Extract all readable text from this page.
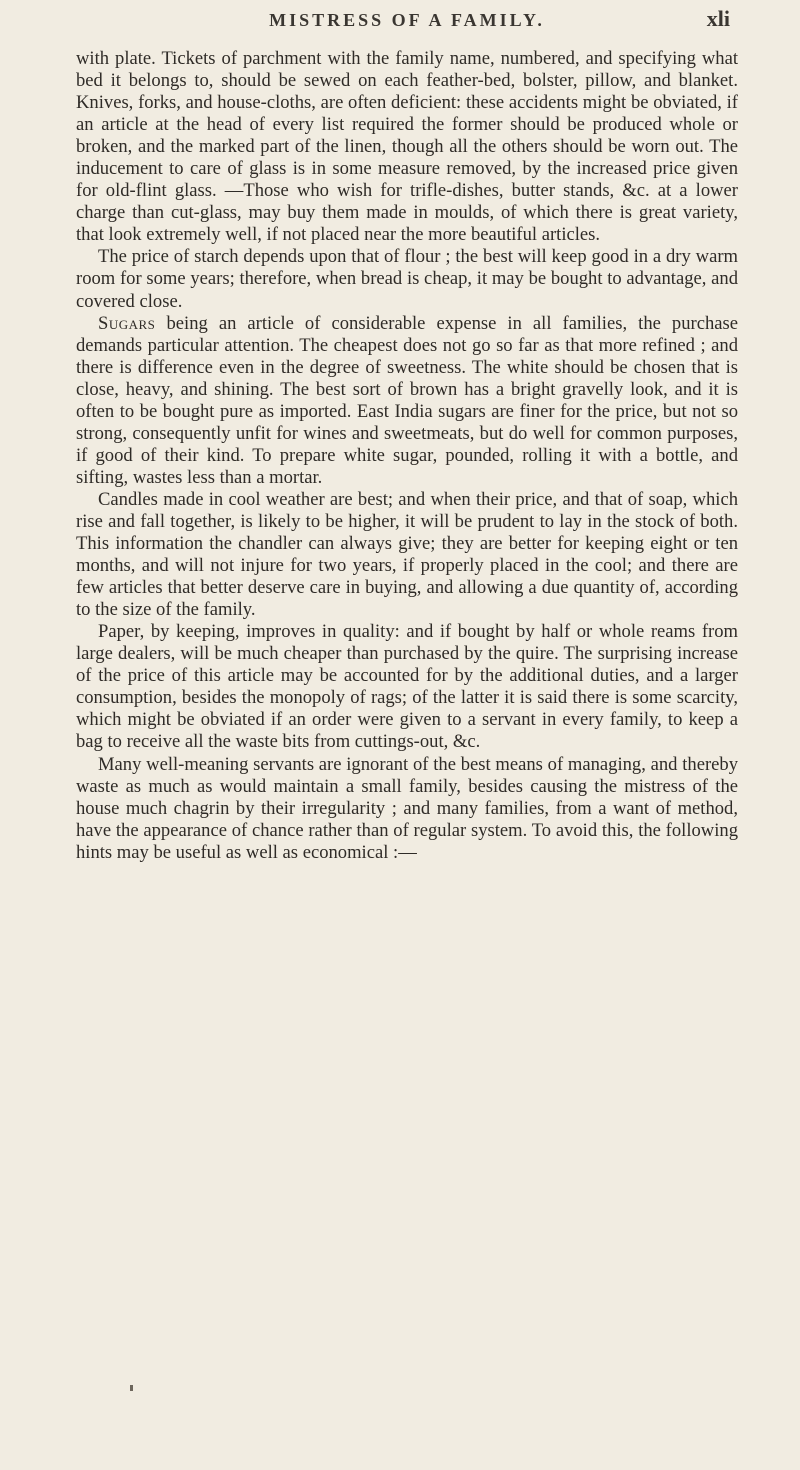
MISTRESS OF A FAMILY.	xli

with plate. Tickets of parchment with the family name, numbered, and specifying what bed it belongs to, should be sewed on each feather-bed, bolster, pillow, and blanket. Knives, forks, and house-cloths, are often deficient: these accidents might be obviated, if an article at the head of every list required the former should be produced whole or broken, and the marked part of the linen, though all the others should be worn out. The inducement to care of glass is in some measure removed, by the increased price given for old-flint glass. —Those who wish for trifle-dishes, butter stands, &c. at a lower charge than cut-glass, may buy them made in moulds, of which there is great variety, that look extremely well, if not placed near the more beautiful articles.

The price of starch depends upon that of flour ; the best will keep good in a dry warm room for some years; therefore, when bread is cheap, it may be bought to advantage, and covered close.

Sugars being an article of considerable expense in all families, the purchase demands particular attention. The cheapest does not go so far as that more refined ; and there is difference even in the degree of sweetness. The white should be chosen that is close, heavy, and shining. The best sort of brown has a bright gravelly look, and it is often to be bought pure as imported. East India sugars are finer for the price, but not so strong, consequently unfit for wines and sweetmeats, but do well for common purposes, if good of their kind. To prepare white sugar, pounded, rolling it with a bottle, and sifting, wastes less than a mortar.

Candles made in cool weather are best; and when their price, and that of soap, which rise and fall together, is likely to be higher, it will be prudent to lay in the stock of both. This information the chandler can always give; they are better for keeping eight or ten months, and will not injure for two years, if properly placed in the cool; and there are few articles that better deserve care in buying, and allowing a due quantity of, according to the size of the family.

Paper, by keeping, improves in quality: and if bought by half or whole reams from large dealers, will be much cheaper than purchased by the quire. The surprising increase of the price of this article may be accounted for by the additional duties, and a larger consumption, besides the monopoly of rags; of the latter it is said there is some scarcity, which might be obviated if an order were given to a servant in every family, to keep a bag to receive all the waste bits from cuttings-out, &c.

Many well-meaning servants are ignorant of the best means of managing, and thereby waste as much as would maintain a small family, besides causing the mistress of the house much chagrin by their irregularity ; and many families, from a want of method, have the appearance of chance rather than of regular system. To avoid this, the following hints may be useful as well as economical :—
